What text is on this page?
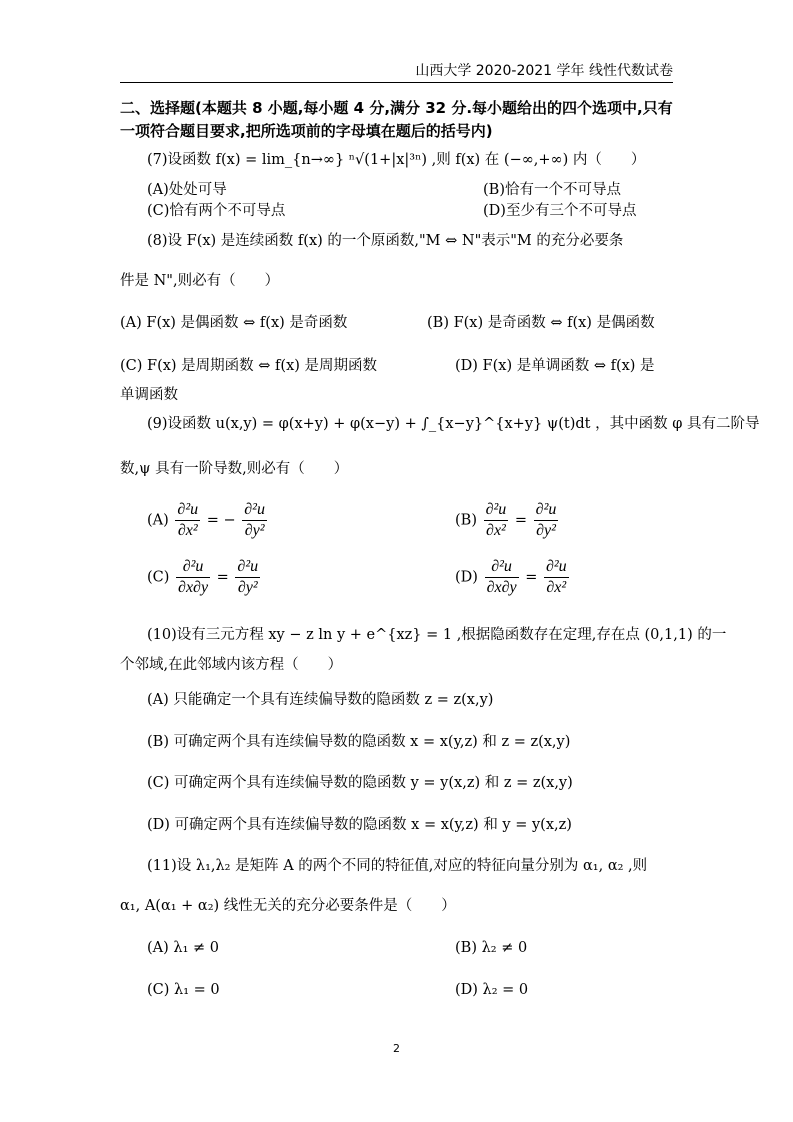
山西大学 2020-2021 学年 线性代数试卷
二、选择题(本题共 8 小题,每小题 4 分,满分 32 分.每小题给出的四个选项中,只有
一项符合题目要求,把所选项前的字母填在题后的括号内)
(7)设函数 f(x) = lim_{n→∞} ⁿ√(1+|x|³ⁿ) ,则 f(x) 在 (−∞,+∞) 内（　　）
(A)处处可导	(B)恰有一个不可导点
(C)恰有两个不可导点	(D)至少有三个不可导点
(8)设 F(x) 是连续函数 f(x) 的一个原函数,"M ⇔ N"表示"M 的充分必要条
件是 N",则必有（　　）
(A) F(x) 是偶函数 ⇔ f(x) 是奇函数	(B) F(x) 是奇函数 ⇔ f(x) 是偶函数
(C) F(x) 是周期函数 ⇔ f(x) 是周期函数	(D) F(x) 是单调函数 ⇔ f(x) 是
单调函数
(9)设函数 u(x,y) = φ(x+y) + φ(x−y) + ∫_{x−y}^{x+y} ψ(t)dt ，其中函数 φ 具有二阶导
数,ψ 具有一阶导数,则必有（　　）
$(A) \frac{\text{∂²u}}{\text{∂x²}}$ = − $\frac{\text{∂²u}}{\text{∂y²}}$	$(B) \frac{\text{∂²u}}{\text{∂x²}} = \frac{\text{∂²u}}{\text{∂y²}}$
$(C) \frac{\text{∂²u}}{\partial x\partial y} = \frac{\text{∂²u}}{\text{∂y²}}$	$(D) \frac{\text{∂²u}}{\partial x\partial y} = \frac{\text{∂²u}}{\text{∂x²}}$
(10)设有三元方程 xy − z ln y + e^{xz} = 1 ,根据隐函数存在定理,存在点 (0,1,1) 的一
个邻域,在此邻域内该方程（　　）
(A) 只能确定一个具有连续偏导数的隐函数 z = z(x,y)
(B) 可确定两个具有连续偏导数的隐函数 x = x(y,z) 和 z = z(x,y)
(C) 可确定两个具有连续偏导数的隐函数 y = y(x,z) 和 z = z(x,y)
(D) 可确定两个具有连续偏导数的隐函数 x = x(y,z) 和 y = y(x,z)
(11)设 λ₁,λ₂ 是矩阵 A 的两个不同的特征值,对应的特征向量分别为 α₁, α₂ ,则
α₁, A(α₁ + α₂) 线性无关的充分必要条件是（　　）
(A) λ₁ ≠ 0	(B) λ₂ ≠ 0
(C) λ₁ = 0	(D) λ₂ = 0
2
